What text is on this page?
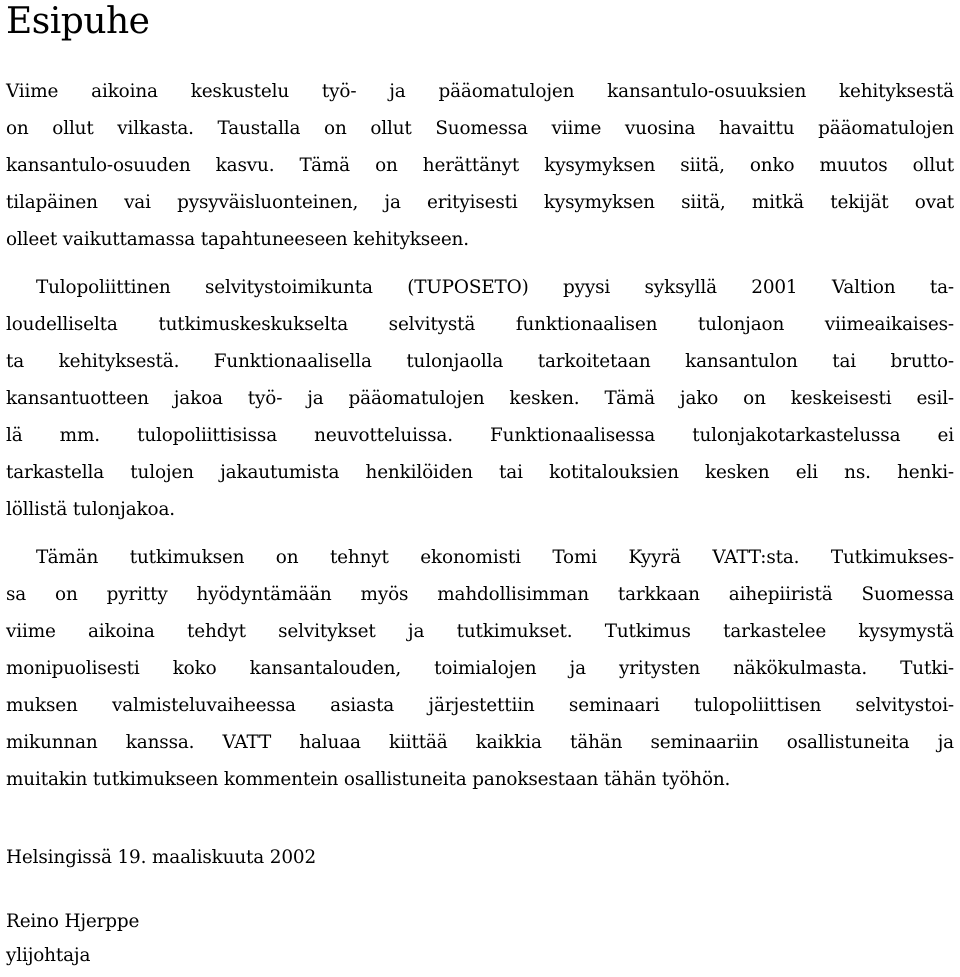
Esipuhe
Viime aikoina keskustelu työ- ja pääomatulojen kansantulo-osuuksien kehityksestä
on ollut vilkasta. Taustalla on ollut Suomessa viime vuosina havaittu pääomatulojen
kansantulo-osuuden kasvu. Tämä on herättänyt kysymyksen siitä, onko muutos ollut
tilapäinen vai pysyväisluonteinen, ja erityisesti kysymyksen siitä, mitkä tekijät ovat
olleet vaikuttamassa tapahtuneeseen kehitykseen.
Tulopoliittinen selvitystoimikunta (TUPOSETO) pyysi syksyllä 2001 Valtion ta-
loudelliselta tutkimuskeskukselta selvitystä funktionaalisen tulonjaon viimeaikaises-
ta kehityksestä. Funktionaalisella tulonjaolla tarkoitetaan kansantulon tai brutto-
kansantuotteen jakoa työ- ja pääomatulojen kesken. Tämä jako on keskeisesti esil-
lä mm. tulopoliittisissa neuvotteluissa. Funktionaalisessa tulonjakotarkastelussa ei
tarkastella tulojen jakautumista henkilöiden tai kotitalouksien kesken eli ns. henki-
löllistä tulonjakoa.
Tämän tutkimuksen on tehnyt ekonomisti Tomi Kyyrä VATT:sta. Tutkimukses-
sa on pyritty hyödyntämään myös mahdollisimman tarkkaan aihepiiristä Suomessa
viime aikoina tehdyt selvitykset ja tutkimukset. Tutkimus tarkastelee kysymystä
monipuolisesti koko kansantalouden, toimialojen ja yritysten näkökulmasta. Tutki-
muksen valmisteluvaiheessa asiasta järjestettiin seminaari tulopoliittisen selvitystoi-
mikunnan kanssa. VATT haluaa kiittää kaikkia tähän seminaariin osallistuneita ja
muitakin tutkimukseen kommentein osallistuneita panoksestaan tähän työhön.
Helsingissä 19. maaliskuuta 2002
Reino Hjerppe
ylijohtaja
